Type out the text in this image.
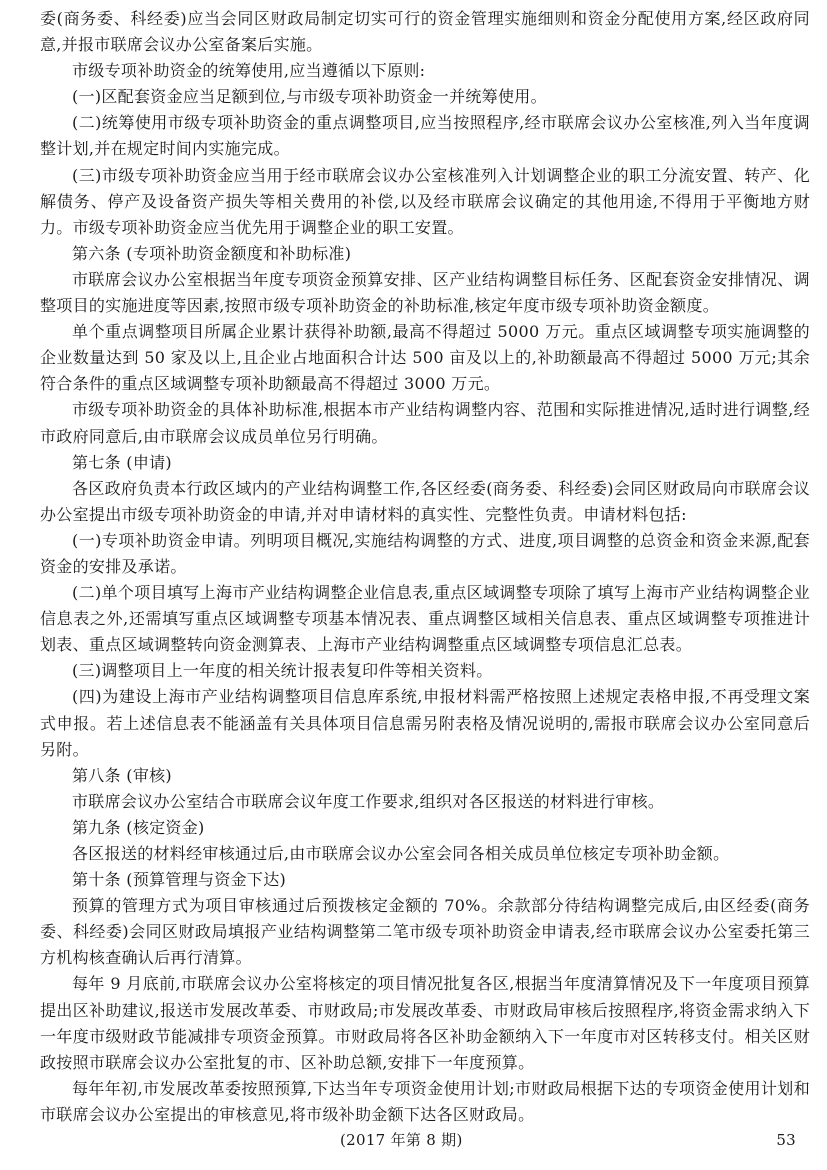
委(商务委、科经委)应当会同区财政局制定切实可行的资金管理实施细则和资金分配使用方案,经区政府同意,并报市联席会议办公室备案后实施。

市级专项补助资金的统筹使用,应当遵循以下原则:

(一)区配套资金应当足额到位,与市级专项补助资金一并统筹使用。

(二)统筹使用市级专项补助资金的重点调整项目,应当按照程序,经市联席会议办公室核准,列入当年度调整计划,并在规定时间内实施完成。

(三)市级专项补助资金应当用于经市联席会议办公室核准列入计划调整企业的职工分流安置、转产、化解债务、停产及设备资产损失等相关费用的补偿,以及经市联席会议确定的其他用途,不得用于平衡地方财力。市级专项补助资金应当优先用于调整企业的职工安置。

第六条 (专项补助资金额度和补助标准)

市联席会议办公室根据当年度专项资金预算安排、区产业结构调整目标任务、区配套资金安排情况、调整项目的实施进度等因素,按照市级专项补助资金的补助标准,核定年度市级专项补助资金额度。

单个重点调整项目所属企业累计获得补助额,最高不得超过 5000 万元。重点区域调整专项实施调整的企业数量达到 50 家及以上,且企业占地面积合计达 500 亩及以上的,补助额最高不得超过 5000 万元;其余符合条件的重点区域调整专项补助额最高不得超过 3000 万元。

市级专项补助资金的具体补助标准,根据本市产业结构调整内容、范围和实际推进情况,适时进行调整,经市政府同意后,由市联席会议成员单位另行明确。

第七条 (申请)

各区政府负责本行政区域内的产业结构调整工作,各区经委(商务委、科经委)会同区财政局向市联席会议办公室提出市级专项补助资金的申请,并对申请材料的真实性、完整性负责。申请材料包括:

(一)专项补助资金申请。列明项目概况,实施结构调整的方式、进度,项目调整的总资金和资金来源,配套资金的安排及承诺。

(二)单个项目填写上海市产业结构调整企业信息表,重点区域调整专项除了填写上海市产业结构调整企业信息表之外,还需填写重点区域调整专项基本情况表、重点调整区域相关信息表、重点区域调整专项推进计划表、重点区域调整转向资金测算表、上海市产业结构调整重点区域调整专项信息汇总表。

(三)调整项目上一年度的相关统计报表复印件等相关资料。

(四)为建设上海市产业结构调整项目信息库系统,申报材料需严格按照上述规定表格申报,不再受理文案式申报。若上述信息表不能涵盖有关具体项目信息需另附表格及情况说明的,需报市联席会议办公室同意后另附。

第八条 (审核)

市联席会议办公室结合市联席会议年度工作要求,组织对各区报送的材料进行审核。

第九条 (核定资金)

各区报送的材料经审核通过后,由市联席会议办公室会同各相关成员单位核定专项补助金额。

第十条 (预算管理与资金下达)

预算的管理方式为项目审核通过后预拨核定金额的 70%。余款部分待结构调整完成后,由区经委(商务委、科经委)会同区财政局填报产业结构调整第二笔市级专项补助资金申请表,经市联席会议办公室委托第三方机构核查确认后再行清算。

每年 9 月底前,市联席会议办公室将核定的项目情况批复各区,根据当年度清算情况及下一年度项目预算提出区补助建议,报送市发展改革委、市财政局;市发展改革委、市财政局审核后按照程序,将资金需求纳入下一年度市级财政节能减排专项资金预算。市财政局将各区补助金额纳入下一年度市对区转移支付。相关区财政按照市联席会议办公室批复的市、区补助总额,安排下一年度预算。

每年年初,市发展改革委按照预算,下达当年专项资金使用计划;市财政局根据下达的专项资金使用计划和市联席会议办公室提出的审核意见,将市级补助金额下达各区财政局。

(2017 年第 8 期)	53
